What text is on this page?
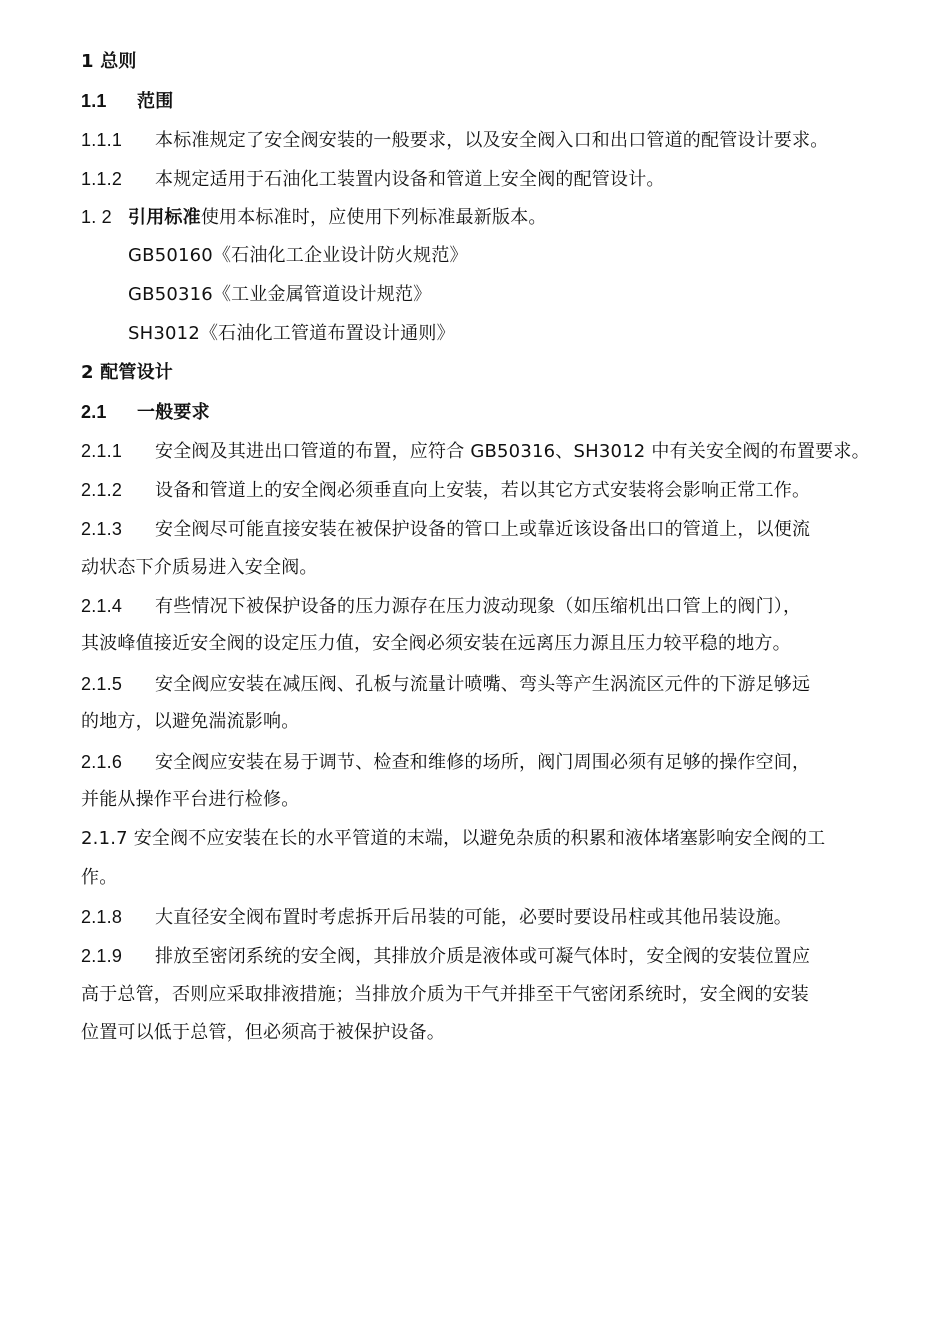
1 总则
1.1 范围
1.1.1 本标准规定了安全阀安装的一般要求，以及安全阀入口和出口管道的配管设计要求。
1.1.2 本规定适用于石油化工装置内设备和管道上安全阀的配管设计。
1. 2 引用标准使用本标准时，应使用下列标准最新版本。
GB50160《石油化工企业设计防火规范》
GB50316《工业金属管道设计规范》
SH3012《石油化工管道布置设计通则》
2 配管设计
2.1 一般要求
2.1.1 安全阀及其进出口管道的布置，应符合 GB50316、SH3012 中有关安全阀的布置要求。
2.1.2 设备和管道上的安全阀必须垂直向上安装，若以其它方式安装将会影响正常工作。
2.1.3 安全阀尽可能直接安装在被保护设备的管口上或靠近该设备出口的管道上，以便流
动状态下介质易进入安全阀。
2.1.4 有些情况下被保护设备的压力源存在压力波动现象（如压缩机出口管上的阀门），
其波峰值接近安全阀的设定压力值，安全阀必须安装在远离压力源且压力较平稳的地方。
2.1.5 安全阀应安装在减压阀、孔板与流量计喷嘴、弯头等产生涡流区元件的下游足够远
的地方，以避免湍流影响。
2.1.6 安全阀应安装在易于调节、检查和维修的场所，阀门周围必须有足够的操作空间，
并能从操作平台进行检修。
2.1.7 安全阀不应安装在长的水平管道的末端，以避免杂质的积累和液体堵塞影响安全阀的工
作。
2.1.8 大直径安全阀布置时考虑拆开后吊装的可能，必要时要设吊柱或其他吊装设施。
2.1.9 排放至密闭系统的安全阀，其排放介质是液体或可凝气体时，安全阀的安装位置应
高于总管，否则应采取排液措施；当排放介质为干气并排至干气密闭系统时，安全阀的安装
位置可以低于总管，但必须高于被保护设备。
